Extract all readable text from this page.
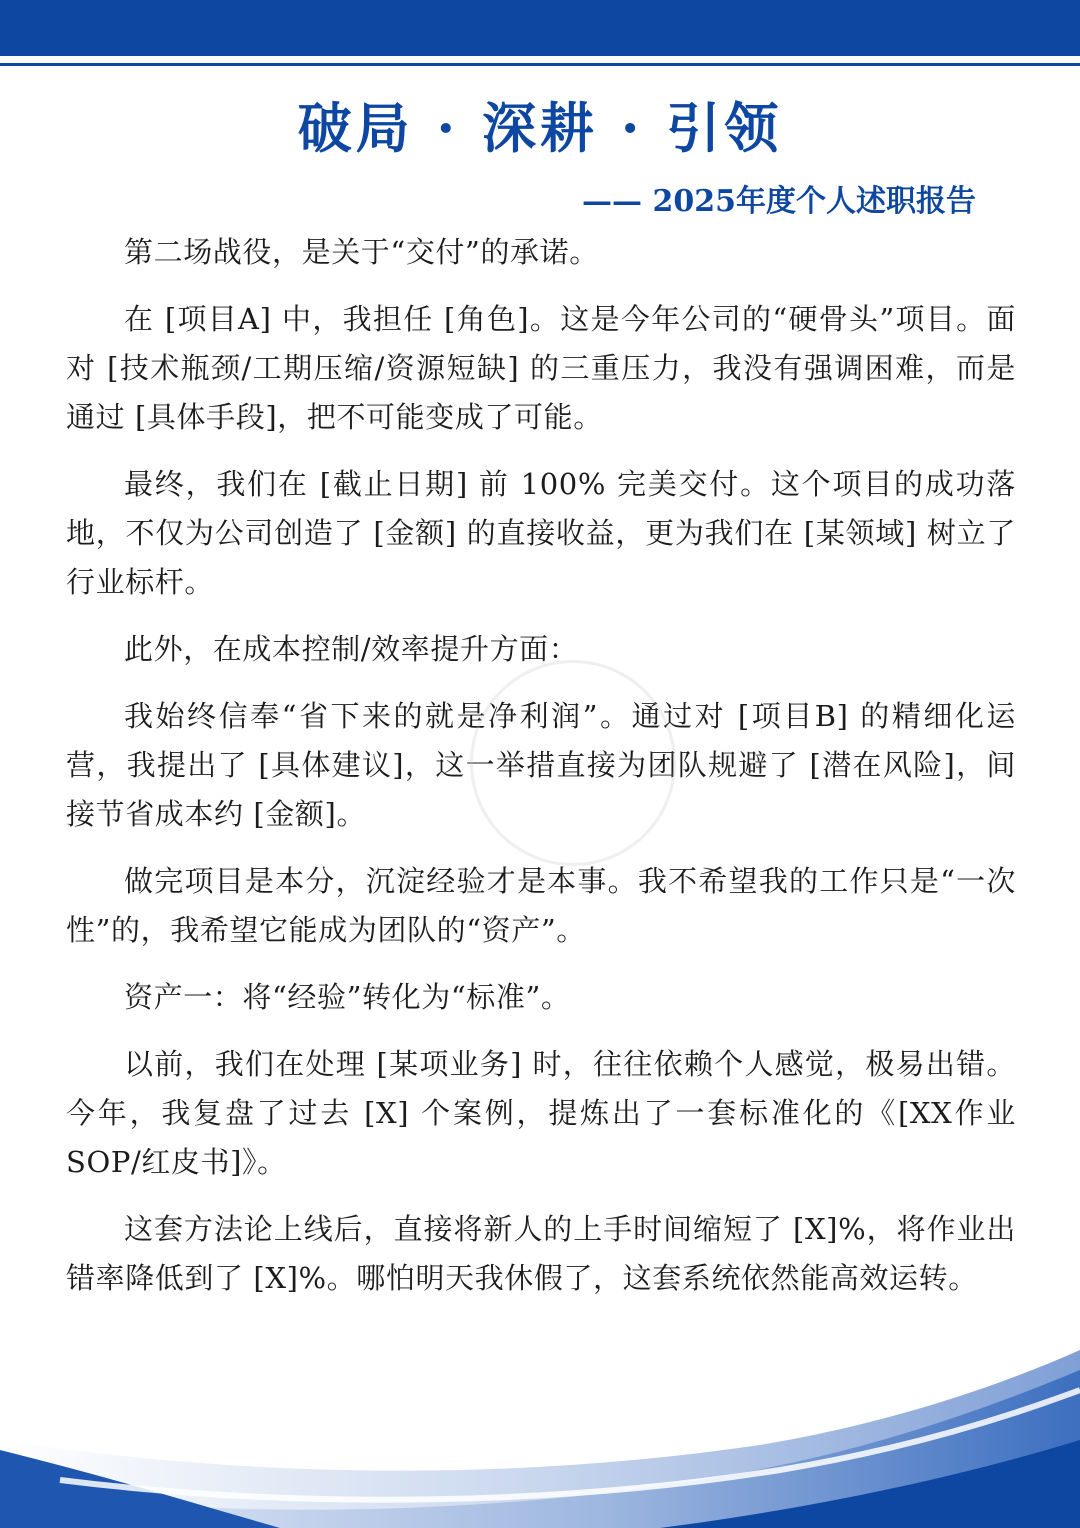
破局 · 深耕 · 引领
—— 2025年度个人述职报告

第二场战役，是关于“交付”的承诺。

在 [项目A] 中，我担任 [角色]。这是今年公司的“硬骨头”项目。面对 [技术瓶颈/工期压缩/资源短缺] 的三重压力，我没有强调困难，而是通过 [具体手段]，把不可能变成了可能。

最终，我们在 [截止日期] 前 100% 完美交付。这个项目的成功落地，不仅为公司创造了 [金额] 的直接收益，更为我们在 [某领域] 树立了行业标杆。

此外，在成本控制/效率提升方面：

我始终信奉“省下来的就是净利润”。通过对 [项目B] 的精细化运营，我提出了 [具体建议]，这一举措直接为团队规避了 [潜在风险]，间接节省成本约 [金额]。

做完项目是本分，沉淀经验才是本事。我不希望我的工作只是“一次性”的，我希望它能成为团队的“资产”。

资产一：将“经验”转化为“标准”。

以前，我们在处理 [某项业务] 时，往往依赖个人感觉，极易出错。今年，我复盘了过去 [X] 个案例，提炼出了一套标准化的《[XX作业SOP/红皮书]》。

这套方法论上线后，直接将新人的上手时间缩短了 [X]%，将作业出错率降低到了 [X]%。哪怕明天我休假了，这套系统依然能高效运转。
